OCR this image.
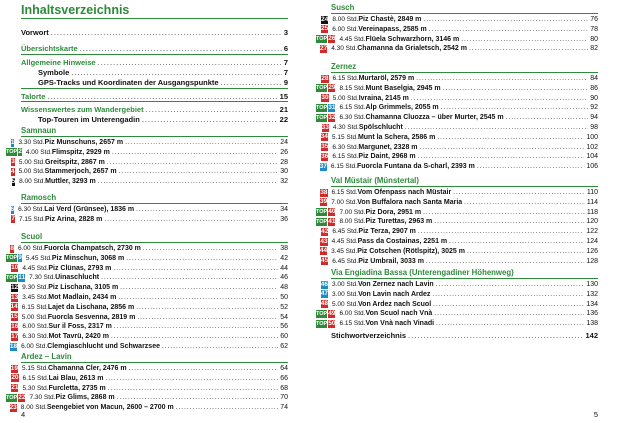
Inhaltsverzeichnis
Vorwort .....	3
Übersichtskarte .....	6
Allgemeine Hinweise .....	7
Symbole .....	7
GPS-Tracks und Koordinaten der Ausgangspunkte .....	9
Talorte .....	15
Wissenswertes zum Wandergebiet .....	21
Top-Touren im Unterengadin .....	22
Samnaun
1 3.30 Std. Piz Munschuns, 2657 m .....	24
TOP 2 4.00 Std. Flimspitz, 2929 m .....	26
3 5.00 Std. Greitspitz, 2867 m .....	28
4 5.00 Std. Stammerjoch, 2657 m .....	30
5 8.00 Std. Muttler, 3293 m .....	32
Ramosch
6 6.30 Std. Lai Verd (Grünsee), 1836 m .....	34
7 7.15 Std. Piz Arina, 2828 m .....	36
Scuol
8 6.00 Std. Fuorcla Champatsch, 2730 m .....	38
TOP 9 5.45 Std. Piz Minschun, 3068 m .....	42
10 4.45 Std. Piz Clünas, 2793 m .....	44
TOP 11 7.30 Std. Uinaschlucht .....	46
12 9.30 Std. Piz Lischana, 3105 m .....	48
13 3.45 Std. Mot Madlain, 2434 m .....	50
14 6.15 Std. Lajet da Lischana, 2856 m .....	52
15 5.00 Std. Fuorcla Sesvenna, 2819 m .....	54
16 6.00 Std. Sur il Foss, 2317 m .....	56
17 6.30 Std. Mot Tavrü, 2420 m .....	60
18 6.00 Std. Clemgiaschlucht und Schwarzsee .....	62
Ardez – Lavin
19 5.15 Std. Chamanna Cler, 2476 m .....	64
20 6.15 Std. Lai Blau, 2613 m .....	66
21 5.30 Std. Furcletta, 2735 m .....	68
TOP 22 7.30 Std. Piz Glims, 2868 m .....	70
23 8.00 Std. Seengebiet von Macun, 2600 – 2700 m .....	74
4
Susch
24 8.00 Std. Piz Chastè, 2849 m .....	76
25 6.00 Std. Vereinapass, 2585 m .....	78
TOP 26 4.45 Std. Flüela Schwarzhorn, 3146 m .....	80
27 4.30 Std. Chamanna da Grialetsch, 2542 m .....	82
Zernez
28 6.15 Std. Murtaröl, 2579 m .....	84
TOP 29 8.15 Std. Munt Baselgia, 2945 m .....	86
30 5.00 Std. Ivraina, 2145 m .....	90
TOP 31 6.15 Std. Alp Grimmels, 2055 m .....	92
TOP 32 6.30 Std. Chamanna Cluozza – über Murter, 2545 m .....	94
33 4.30 Std. Spölschlucht .....	98
34 5.15 Std. Munt la Schera, 2586 m .....	100
35 6.30 Std. Margunet, 2328 m .....	102
36 6.15 Std. Piz Daint, 2968 m .....	104
37 6.15 Std. Fuorcla Funtana da S-charl, 2393 m .....	106
Val Müstair (Münstertal)
38 6.15 Std. Vom Ofenpass nach Müstair .....	110
39 7.00 Std. Von Buffalora nach Santa Maria .....	114
TOP 40 7.00 Std. Piz Dora, 2951 m .....	118
TOP 41 8.00 Std. Piz Turettas, 2963 m .....	120
42 6.45 Std. Piz Terza, 2907 m .....	122
43 4.45 Std. Pass da Costainas, 2251 m .....	124
44 3.45 Std. Piz Cotschen (Rötlspitz), 3025 m .....	126
45 6.45 Std. Piz Umbrail, 3033 m .....	128
Via Engiadina Bassa (Unterengadiner Höhenweg)
46 3.00 Std. Von Zernez nach Lavin .....	130
47 3.00 Std. Von Lavin nach Ardez .....	132
48 5.00 Std. Von Ardez nach Scuol .....	134
TOP 49 6.00 Std. Von Scuol nach Vnà .....	136
TOP 50 6.15 Std. Von Vnà nach Vinadi .....	138
Stichwortverzeichnis .....	142
5
